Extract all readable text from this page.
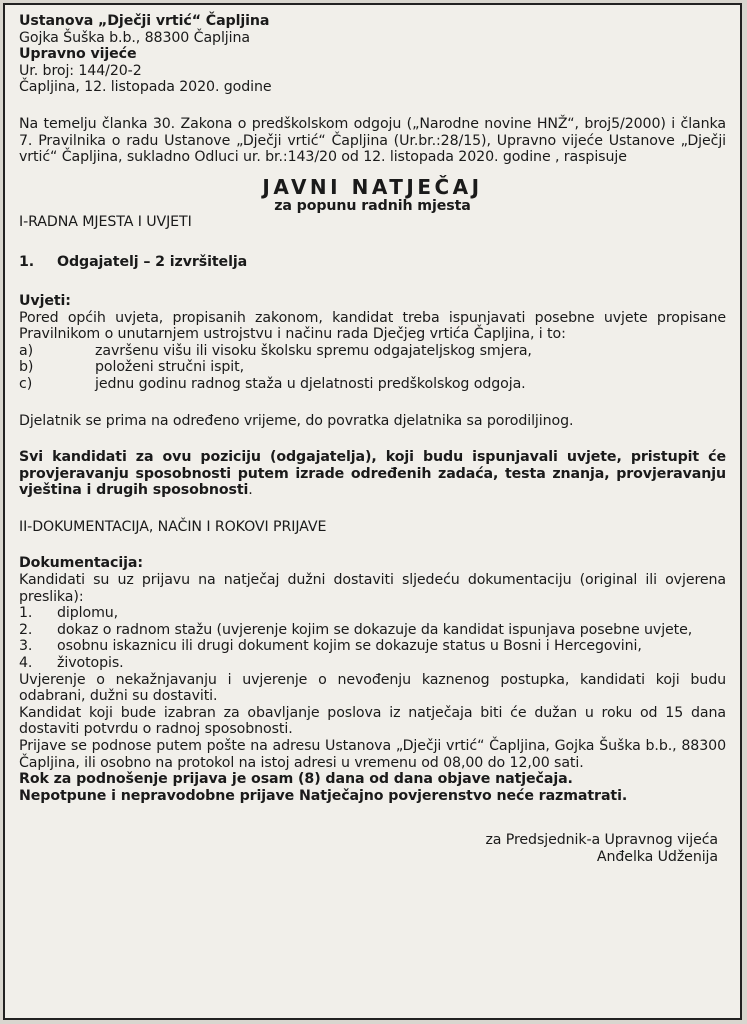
Ustanova „Dječji vrtić“ Čapljina

Gojka Šuška b.b., 88300 Čapljina

Upravno vijeće

Ur. broj: 144/20-2

Čapljina, 12. listopada 2020. godine

Na temelju članka 30. Zakona o predškolskom odgoju („Narodne novine HNŽ“, broj5/2000) i članka 7. Pravilnika o radu Ustanove „Dječji vrtić“ Čapljina (Ur.br.:28/15), Upravno vijeće Ustanove „Dječji vrtić“ Čapljina, sukladno Odluci ur. br.:143/20 od 12. listopada 2020. godine , raspisuje

JAVNI NATJEČAJ
za popunu radnih mjesta

I-RADNA MJESTA I UVJETI

1. Odgajatelj – 2 izvršitelja

Uvjeti:

Pored općih uvjeta, propisanih zakonom, kandidat treba ispunjavati posebne uvjete propisane Pravilnikom o unutarnjem ustrojstvu i načinu rada Dječjeg vrtića Čapljina, i to:

a)	završenu višu ili visoku školsku spremu odgajateljskog smjera,
b)	položeni stručni ispit,
c)	jednu godinu radnog staža u djelatnosti predškolskog odgoja.

Djelatnik se prima na određeno vrijeme, do povratka djelatnika sa porodiljinog.

Svi kandidati za ovu poziciju (odgajatelja), koji budu ispunjavali uvjete, pristupit će provjeravanju sposobnosti putem izrade određenih zadaća, testa znanja, provjeravanju vještina i drugih sposobnosti.

II-DOKUMENTACIJA, NAČIN I ROKOVI PRIJAVE

Dokumentacija:

Kandidati su uz prijavu na natječaj dužni dostaviti sljedeću dokumentaciju (original ili ovjerena preslika):

1.	diplomu,
2.	dokaz o radnom stažu (uvjerenje kojim se dokazuje da kandidat ispunjava posebne uvjete,
3.	osobnu iskaznicu ili drugi dokument kojim se dokazuje status u Bosni i Hercegovini,
4.	životopis.

Uvjerenje o nekažnjavanju i uvjerenje o nevođenju kaznenog postupka, kandidati koji budu odabrani, dužni su dostaviti.

Kandidat koji bude izabran za obavljanje poslova iz natječaja biti će dužan u roku od 15 dana dostaviti potvrdu o radnoj sposobnosti.

Prijave se podnose putem pošte na adresu Ustanova „Dječji vrtić“ Čapljina, Gojka Šuška b.b., 88300 Čapljina, ili osobno na protokol na istoj adresi u vremenu od 08,00 do 12,00 sati.

Rok za podnošenje prijava je osam (8) dana od dana objave natječaja.

Nepotpune i nepravodobne prijave Natječajno povjerenstvo neće razmatrati.

za Predsjednik-a Upravnog vijeća

Anđelka Udženija
